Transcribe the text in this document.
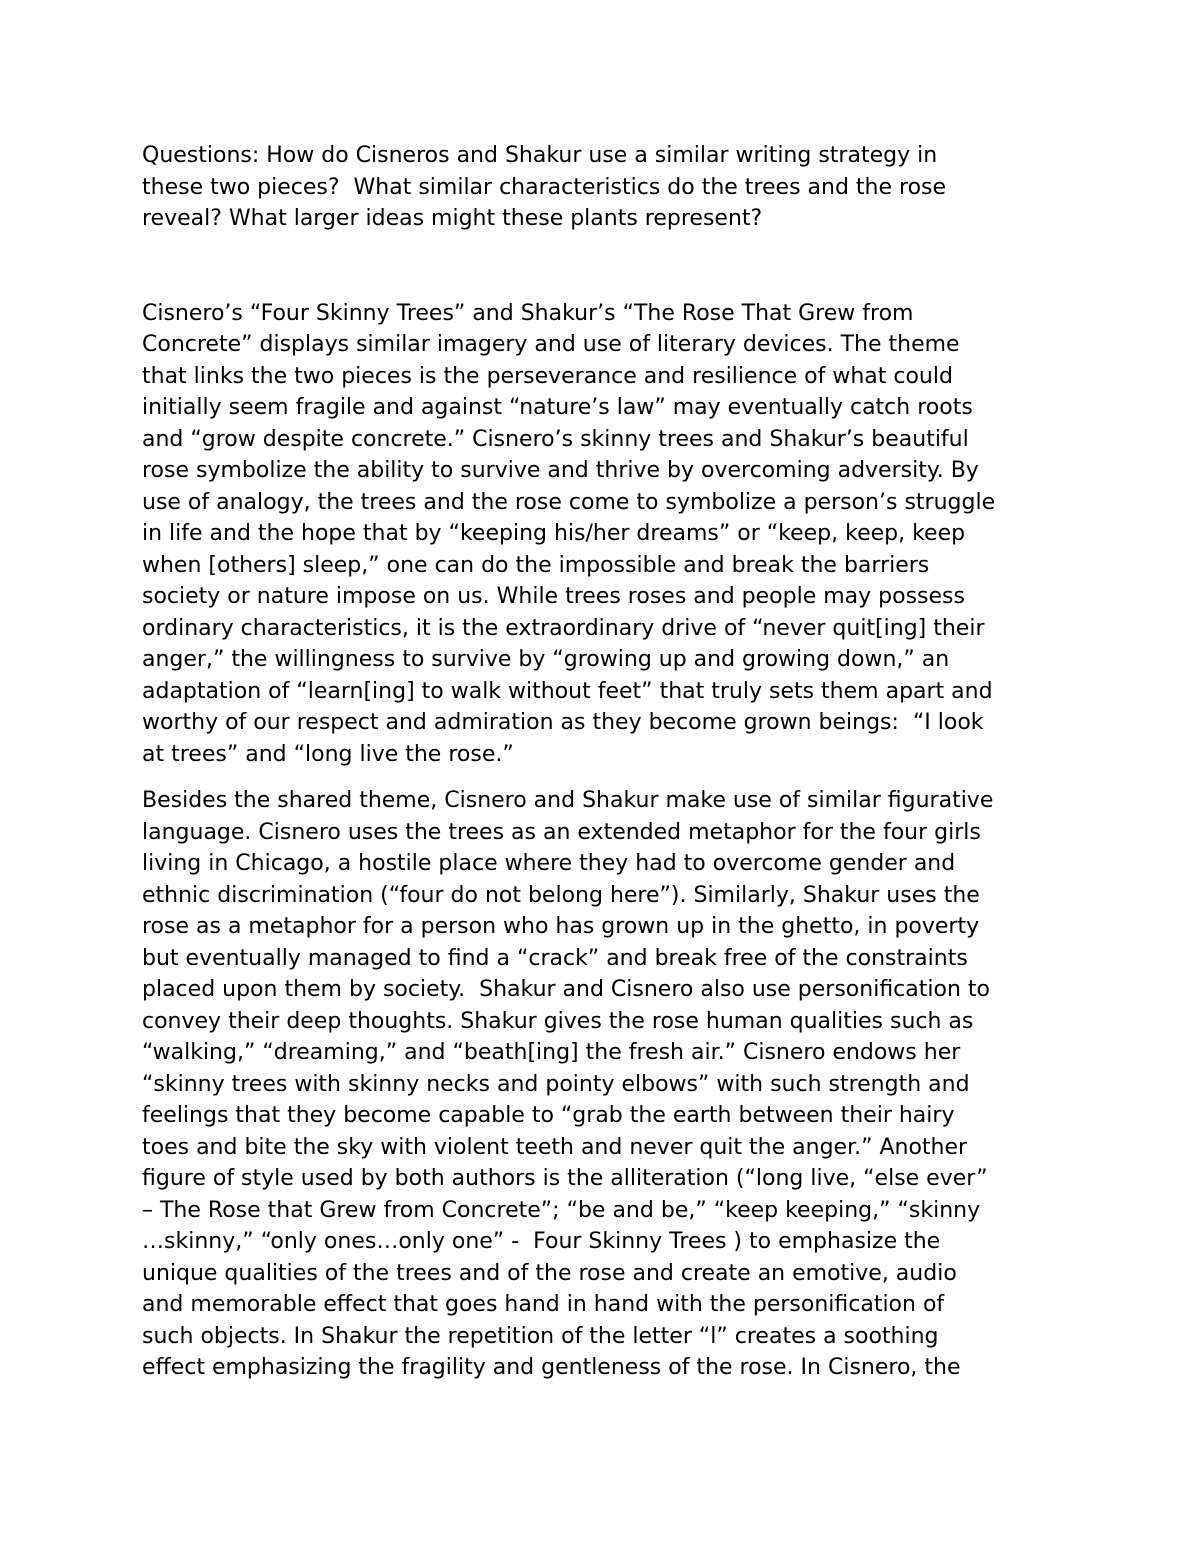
Questions: How do Cisneros and Shakur use a similar writing strategy in
these two pieces?  What similar characteristics do the trees and the rose
reveal? What larger ideas might these plants represent?

Cisnero’s “Four Skinny Trees” and Shakur’s “The Rose That Grew from
Concrete” displays similar imagery and use of literary devices. The theme
that links the two pieces is the perseverance and resilience of what could
initially seem fragile and against “nature’s law” may eventually catch roots
and “grow despite concrete.” Cisnero’s skinny trees and Shakur’s beautiful
rose symbolize the ability to survive and thrive by overcoming adversity. By
use of analogy, the trees and the rose come to symbolize a person’s struggle
in life and the hope that by “keeping his/her dreams” or “keep, keep, keep
when [others] sleep,” one can do the impossible and break the barriers
society or nature impose on us. While trees roses and people may possess
ordinary characteristics, it is the extraordinary drive of “never quit[ing] their
anger,” the willingness to survive by “growing up and growing down,” an
adaptation of “learn[ing] to walk without feet” that truly sets them apart and
worthy of our respect and admiration as they become grown beings:  “I look
at trees” and “long live the rose.”

Besides the shared theme, Cisnero and Shakur make use of similar figurative
language. Cisnero uses the trees as an extended metaphor for the four girls
living in Chicago, a hostile place where they had to overcome gender and
ethnic discrimination (“four do not belong here”). Similarly, Shakur uses the
rose as a metaphor for a person who has grown up in the ghetto, in poverty
but eventually managed to find a “crack” and break free of the constraints
placed upon them by society.  Shakur and Cisnero also use personification to
convey their deep thoughts. Shakur gives the rose human qualities such as
“walking,” “dreaming,” and “beath[ing] the fresh air.” Cisnero endows her
“skinny trees with skinny necks and pointy elbows” with such strength and
feelings that they become capable to “grab the earth between their hairy
toes and bite the sky with violent teeth and never quit the anger.” Another
figure of style used by both authors is the alliteration (“long live, “else ever”
– The Rose that Grew from Concrete”; “be and be,” “keep keeping,” “skinny
…skinny,” “only ones…only one” -  Four Skinny Trees ) to emphasize the
unique qualities of the trees and of the rose and create an emotive, audio
and memorable effect that goes hand in hand with the personification of
such objects. In Shakur the repetition of the letter “l” creates a soothing
effect emphasizing the fragility and gentleness of the rose. In Cisnero, the
